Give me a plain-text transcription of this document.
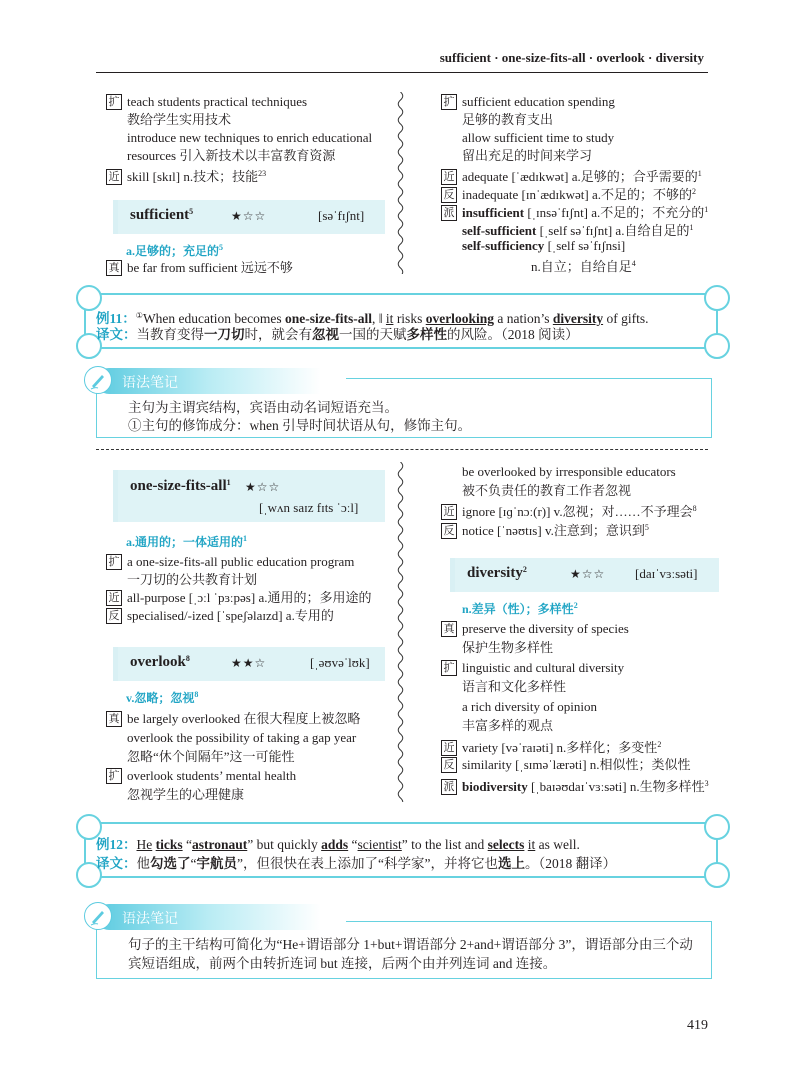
sufficient · one-size-fits-all · overlook · diversity
扩 teach students practical techniques
教给学生实用技术
introduce new techniques to enrich educational
resources 引入新技术以丰富教育资源
近 skill [skɪl] n.技术；技能$^{23}$
sufficient$^5$	★☆☆	[səˈfɪʃnt]
a.足够的；充足的$^5$
真 be far from sufficient 远远不够
扩 sufficient education spending
足够的教育支出
allow sufficient time to study
留出充足的时间来学习
近 adequate [ˈædɪkwət] a.足够的；合乎需要的$^1$
反 inadequate [ɪnˈædɪkwət] a.不足的；不够的$^2$
派 insufficient [ˌɪnsəˈfɪʃnt] a.不足的；不充分的$^1$
self-sufficient [ˌself səˈfɪʃnt] a.自给自足的$^1$
self-sufficiency [ˌself səˈfɪʃnsi]
n.自立；自给自足$^4$
例11：①When education becomes one-size-fits-all, ‖ it risks overlooking a nation’s diversity of gifts.
译文：当教育变得一刀切时，就会有忽视一国的天赋多样性的风险。（2018 阅读）
语法笔记
主句为主谓宾结构，宾语由动名词短语充当。
①主句的修饰成分：when 引导时间状语从句，修饰主句。
one-size-fits-all$^1$ ★☆☆
[ˌwʌn saɪz fɪts ˈɔːl]
a.通用的；一体适用的$^1$
扩 a one-size-fits-all public education program
一刀切的公共教育计划
近 all-purpose [ˌɔːl ˈpɜːpəs] a.通用的；多用途的
反 specialised/-ized [ˈspeʃəlaɪzd] a.专用的
overlook$^8$	★★☆	[ˌəʊvəˈlʊk]
v.忽略；忽视$^8$
真 be largely overlooked 在很大程度上被忽略
overlook the possibility of taking a gap year
忽略“休个间隔年”这一可能性
扩 overlook students’ mental health
忽视学生的心理健康
be overlooked by irresponsible educators
被不负责任的教育工作者忽视
近 ignore [ɪɡˈnɔː(r)] v.忽视；对……不予理会$^8$
反 notice [ˈnəʊtɪs] v.注意到；意识到$^5$
diversity$^2$	★☆☆ [daɪˈvɜːsəti]
n.差异（性）；多样性$^2$
真 preserve the diversity of species
保护生物多样性
扩 linguistic and cultural diversity
语言和文化多样性
a rich diversity of opinion
丰富多样的观点
近 variety [vəˈraɪəti] n.多样化；多变性$^2$
反 similarity [ˌsɪməˈlærəti] n.相似性；类似性
派 biodiversity [ˌbaɪəʊdaɪˈvɜːsəti] n.生物多样性$^3$
例12：He ticks “astronaut” but quickly adds “scientist” to the list and selects it as well.
译文：他勾选了“宇航员”，但很快在表上添加了“科学家”，并将它也选上。（2018 翻译）
语法笔记
句子的主干结构可简化为“He+谓语部分 1+but+谓语部分 2+and+谓语部分 3”，谓语部分由三个动
宾短语组成，前两个由转折连词 but 连接，后两个由并列连词 and 连接。
419
